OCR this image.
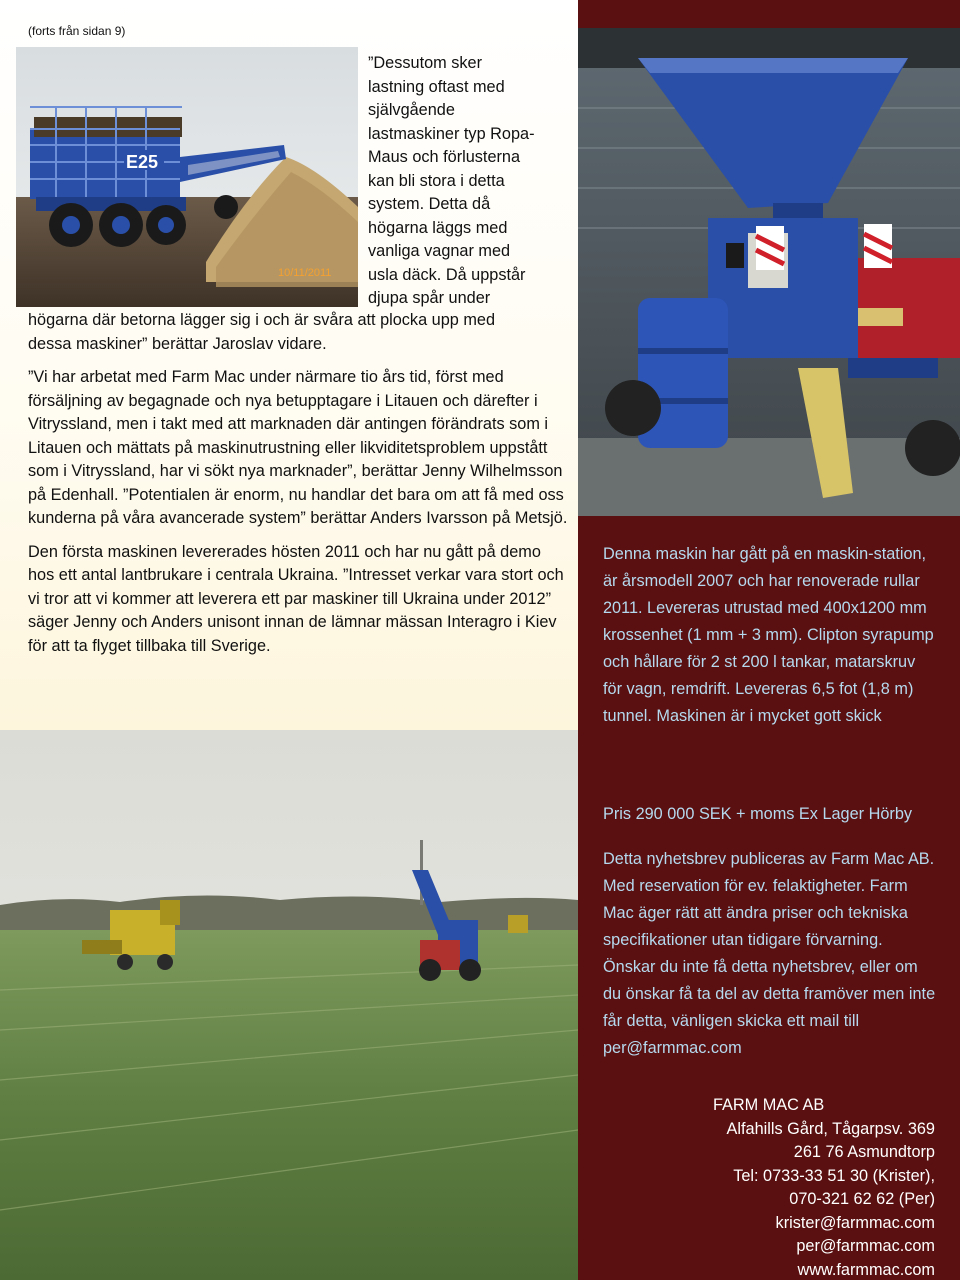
(forts från sidan 9)
E25
10/11/2011

”Dessutom sker

lastning oftast med

självgående

lastmaskiner typ Ropa-

Maus och förlusterna

kan bli stora i detta

system. Detta då

högarna läggs med

vanliga vagnar med

usla däck. Då uppstår

djupa spår under

högarna där betorna lägger sig i och är svåra att plocka upp med

dessa maskiner” berättar Jaroslav vidare.

”Vi har arbetat med Farm Mac under närmare tio års tid, först med försäljning av begagnade och nya betupptagare i Litauen och därefter i Vitryssland, men i takt med att marknaden där antingen förändrats som i Litauen och mättats på maskinutrustning eller likviditetsproblem uppstått som i Vitryssland, har vi sökt nya marknader”, berättar Jenny Wilhelmsson på Edenhall. ”Potentialen är enorm, nu handlar det bara om att få med oss kunderna på våra avancerade system” berättar Anders Ivarsson på Metsjö.

Den första maskinen levererades hösten 2011 och har nu gått på demo hos ett antal lantbrukare i centrala Ukraina. ”Intresset verkar vara stort och vi tror att vi kommer att leverera ett par maskiner till Ukraina under 2012” säger Jenny och Anders unisont innan de lämnar mässan Interagro i Kiev för att ta flyget tillbaka till Sverige.

Denna maskin har gått på en maskin-station, är årsmodell 2007 och har renoverade rullar 2011. Levereras utrustad med 400x1200 mm krossenhet (1 mm + 3 mm). Clipton syrapump och hållare för 2 st 200 l tankar, matarskruv för vagn, remdrift. Levereras 6,5 fot (1,8 m) tunnel. Maskinen är i mycket gott skick
Pris 290 000 SEK + moms Ex Lager Hörby
Detta nyhetsbrev publiceras av Farm Mac AB. Med reservation för ev. felaktigheter. Farm Mac äger rätt att ändra priser och tekniska specifikationer utan tidigare förvarning. Önskar du inte få detta nyhetsbrev, eller om du önskar få ta del av detta framöver men inte får detta, vänligen skicka ett mail till per@farmmac.com
FARM MAC AB
Alfahills Gård, Tågarpsv. 369
261 76 Asmundtorp
Tel: 0733-33 51 30 (Krister),
070-321 62 62 (Per)
krister@farmmac.com
per@farmmac.com
www.farmmac.com
